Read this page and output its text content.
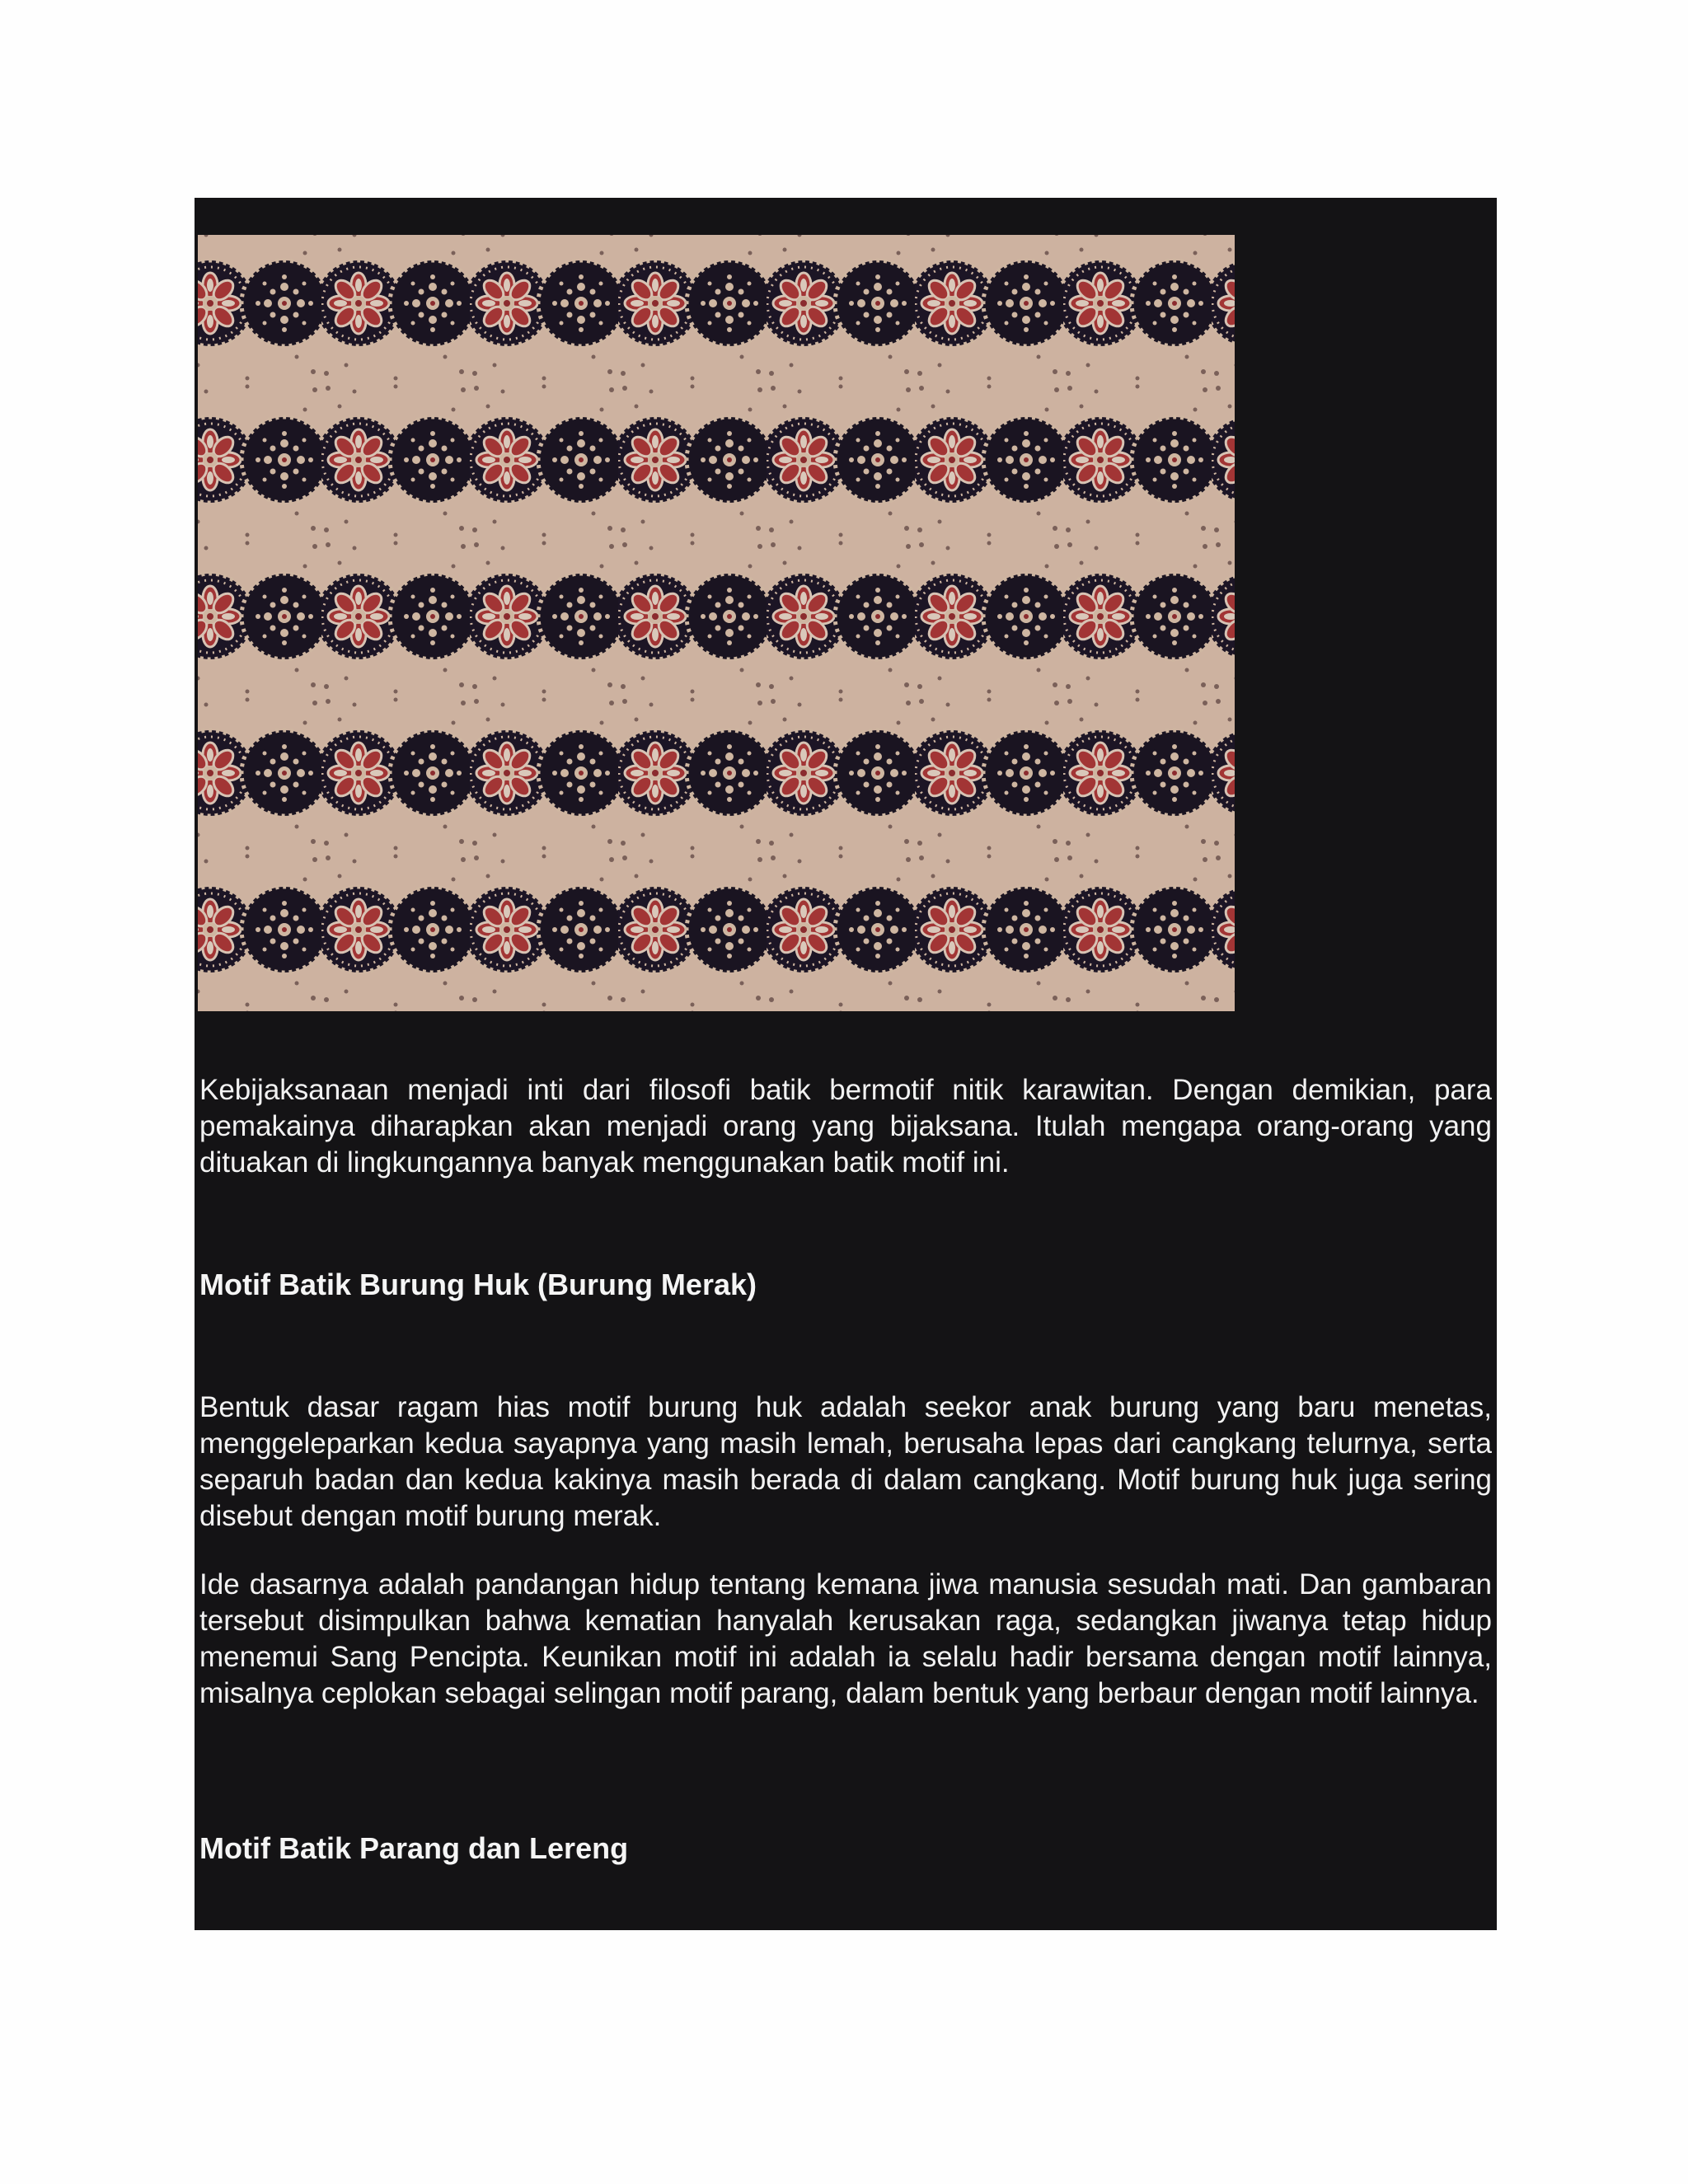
Kebijaksanaan menjadi inti dari filosofi batik bermotif nitik karawitan. Dengan demikian, para pemakainya diharapkan akan menjadi orang yang bijaksana. Itulah mengapa orang-orang yang dituakan di lingkungannya banyak menggunakan batik motif ini.

Motif Batik Burung Huk (Burung Merak)

Bentuk dasar ragam hias motif burung huk adalah seekor anak burung yang baru menetas, menggeleparkan kedua sayapnya yang masih lemah, berusaha lepas dari cangkang telurnya, serta separuh badan dan kedua kakinya masih berada di dalam cangkang. Motif burung huk juga sering disebut dengan motif burung merak.

Ide dasarnya adalah pandangan hidup tentang kemana jiwa manusia sesudah mati. Dan gambaran tersebut disimpulkan bahwa kematian hanyalah kerusakan raga, sedangkan jiwanya tetap hidup menemui Sang Pencipta. Keunikan motif ini adalah ia selalu hadir bersama dengan motif lainnya, misalnya ceplokan sebagai selingan motif parang, dalam bentuk yang berbaur dengan motif lainnya.

Motif Batik Parang dan Lereng
